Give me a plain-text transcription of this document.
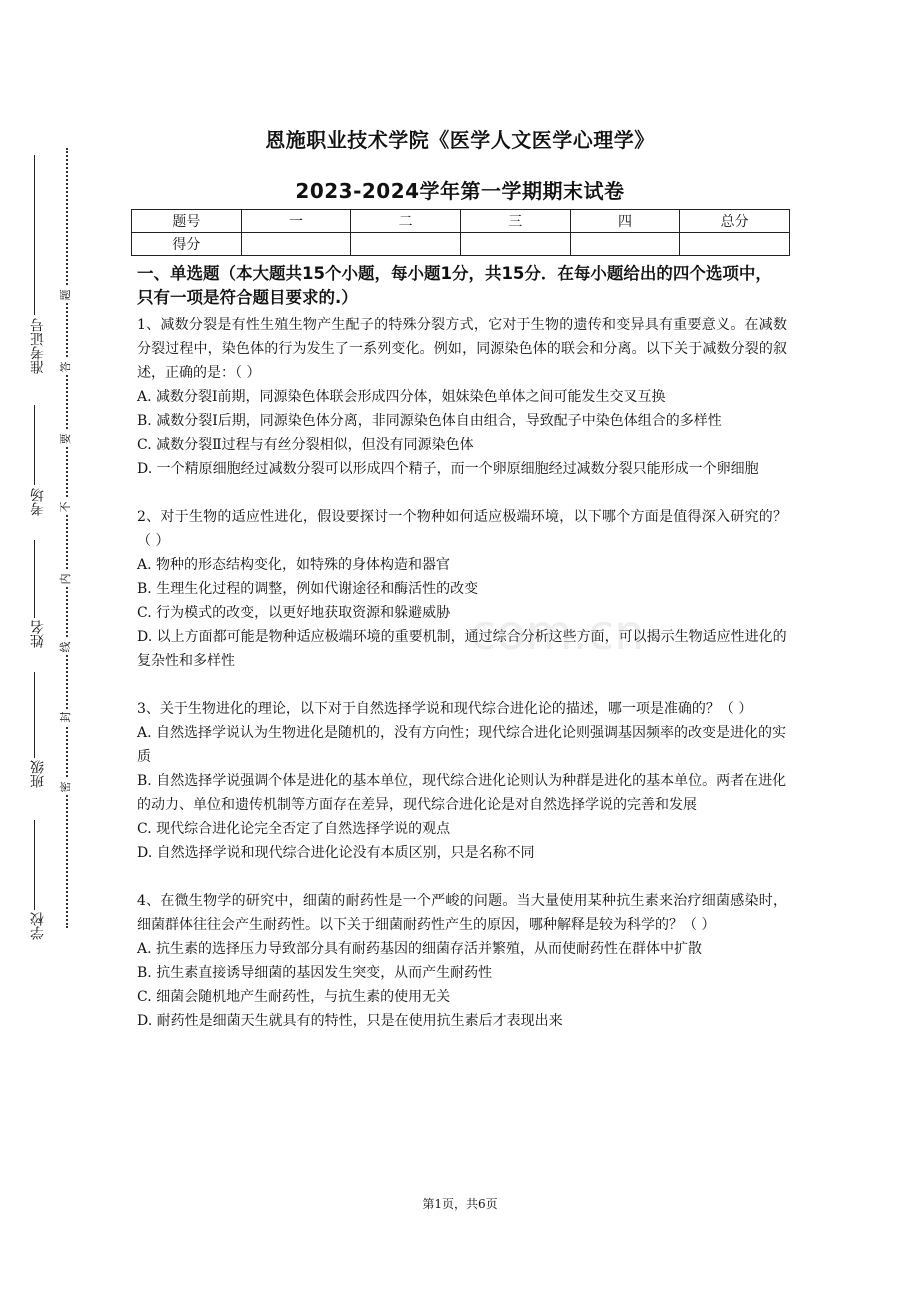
准考证号
考场
姓名
班级
学校
题
答
要
不
内
线
封
密
恩施职业技术学院《医学人文医学心理学》
2023-2024学年第一学期期末试卷
题号	一	二	三	四	总分
得分					
一、单选题（本大题共15个小题，每小题1分，共15分．在每小题给出的四个选项中，只有一项是符合题目要求的.）

1、减数分裂是有性生殖生物产生配子的特殊分裂方式，它对于生物的遗传和变异具有重要意义。在减数分裂过程中，染色体的行为发生了一系列变化。例如，同源染色体的联会和分离。以下关于减数分裂的叙述，正确的是：（ ）

A. 减数分裂Ⅰ前期，同源染色体联会形成四分体，姐妹染色单体之间可能发生交叉互换

B. 减数分裂Ⅰ后期，同源染色体分离，非同源染色体自由组合，导致配子中染色体组合的多样性

C. 减数分裂Ⅱ过程与有丝分裂相似，但没有同源染色体

D. 一个精原细胞经过减数分裂可以形成四个精子，而一个卵原细胞经过减数分裂只能形成一个卵细胞

2、对于生物的适应性进化，假设要探讨一个物种如何适应极端环境，以下哪个方面是值得深入研究的？（ ）

A. 物种的形态结构变化，如特殊的身体构造和器官

B. 生理生化过程的调整，例如代谢途径和酶活性的改变

C. 行为模式的改变，以更好地获取资源和躲避威胁

D. 以上方面都可能是物种适应极端环境的重要机制，通过综合分析这些方面，可以揭示生物适应性进化的复杂性和多样性

3、关于生物进化的理论，以下对于自然选择学说和现代综合进化论的描述，哪一项是准确的？（ ）

A. 自然选择学说认为生物进化是随机的，没有方向性；现代综合进化论则强调基因频率的改变是进化的实质

B. 自然选择学说强调个体是进化的基本单位，现代综合进化论则认为种群是进化的基本单位。两者在进化的动力、单位和遗传机制等方面存在差异，现代综合进化论是对自然选择学说的完善和发展

C. 现代综合进化论完全否定了自然选择学说的观点

D. 自然选择学说和现代综合进化论没有本质区别，只是名称不同

4、在微生物学的研究中，细菌的耐药性是一个严峻的问题。当大量使用某种抗生素来治疗细菌感染时，细菌群体往往会产生耐药性。以下关于细菌耐药性产生的原因，哪种解释是较为科学的？（ ）

A. 抗生素的选择压力导致部分具有耐药基因的细菌存活并繁殖，从而使耐药性在群体中扩散

B. 抗生素直接诱导细菌的基因发生突变，从而产生耐药性

C. 细菌会随机地产生耐药性，与抗生素的使用无关

D. 耐药性是细菌天生就具有的特性，只是在使用抗生素后才表现出来

com.cn
第1页，共6页
